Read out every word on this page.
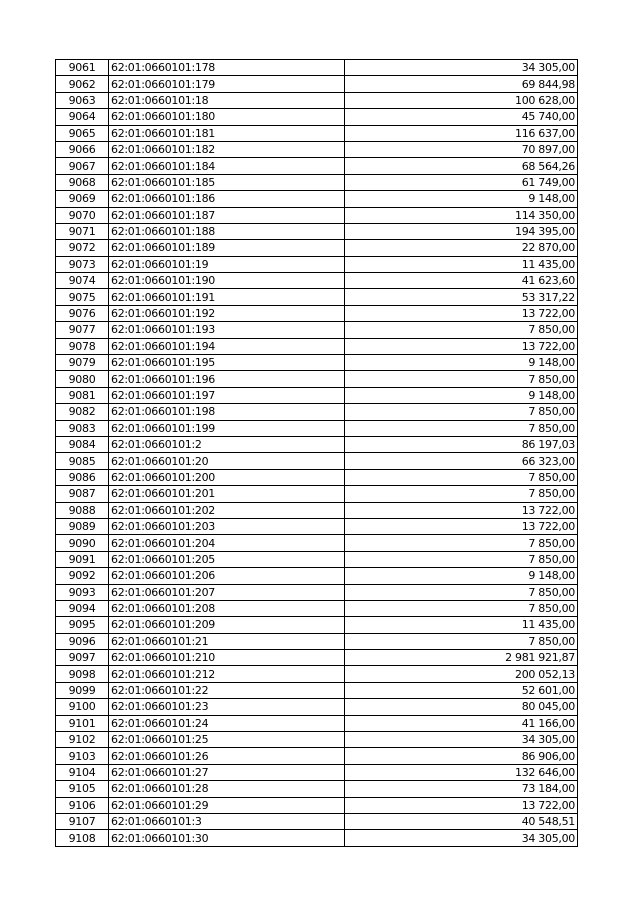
9061	62:01:0660101:178	34 305,00
9062	62:01:0660101:179	69 844,98
9063	62:01:0660101:18	100 628,00
9064	62:01:0660101:180	45 740,00
9065	62:01:0660101:181	116 637,00
9066	62:01:0660101:182	70 897,00
9067	62:01:0660101:184	68 564,26
9068	62:01:0660101:185	61 749,00
9069	62:01:0660101:186	9 148,00
9070	62:01:0660101:187	114 350,00
9071	62:01:0660101:188	194 395,00
9072	62:01:0660101:189	22 870,00
9073	62:01:0660101:19	11 435,00
9074	62:01:0660101:190	41 623,60
9075	62:01:0660101:191	53 317,22
9076	62:01:0660101:192	13 722,00
9077	62:01:0660101:193	7 850,00
9078	62:01:0660101:194	13 722,00
9079	62:01:0660101:195	9 148,00
9080	62:01:0660101:196	7 850,00
9081	62:01:0660101:197	9 148,00
9082	62:01:0660101:198	7 850,00
9083	62:01:0660101:199	7 850,00
9084	62:01:0660101:2	86 197,03
9085	62:01:0660101:20	66 323,00
9086	62:01:0660101:200	7 850,00
9087	62:01:0660101:201	7 850,00
9088	62:01:0660101:202	13 722,00
9089	62:01:0660101:203	13 722,00
9090	62:01:0660101:204	7 850,00
9091	62:01:0660101:205	7 850,00
9092	62:01:0660101:206	9 148,00
9093	62:01:0660101:207	7 850,00
9094	62:01:0660101:208	7 850,00
9095	62:01:0660101:209	11 435,00
9096	62:01:0660101:21	7 850,00
9097	62:01:0660101:210	2 981 921,87
9098	62:01:0660101:212	200 052,13
9099	62:01:0660101:22	52 601,00
9100	62:01:0660101:23	80 045,00
9101	62:01:0660101:24	41 166,00
9102	62:01:0660101:25	34 305,00
9103	62:01:0660101:26	86 906,00
9104	62:01:0660101:27	132 646,00
9105	62:01:0660101:28	73 184,00
9106	62:01:0660101:29	13 722,00
9107	62:01:0660101:3	40 548,51
9108	62:01:0660101:30	34 305,00
